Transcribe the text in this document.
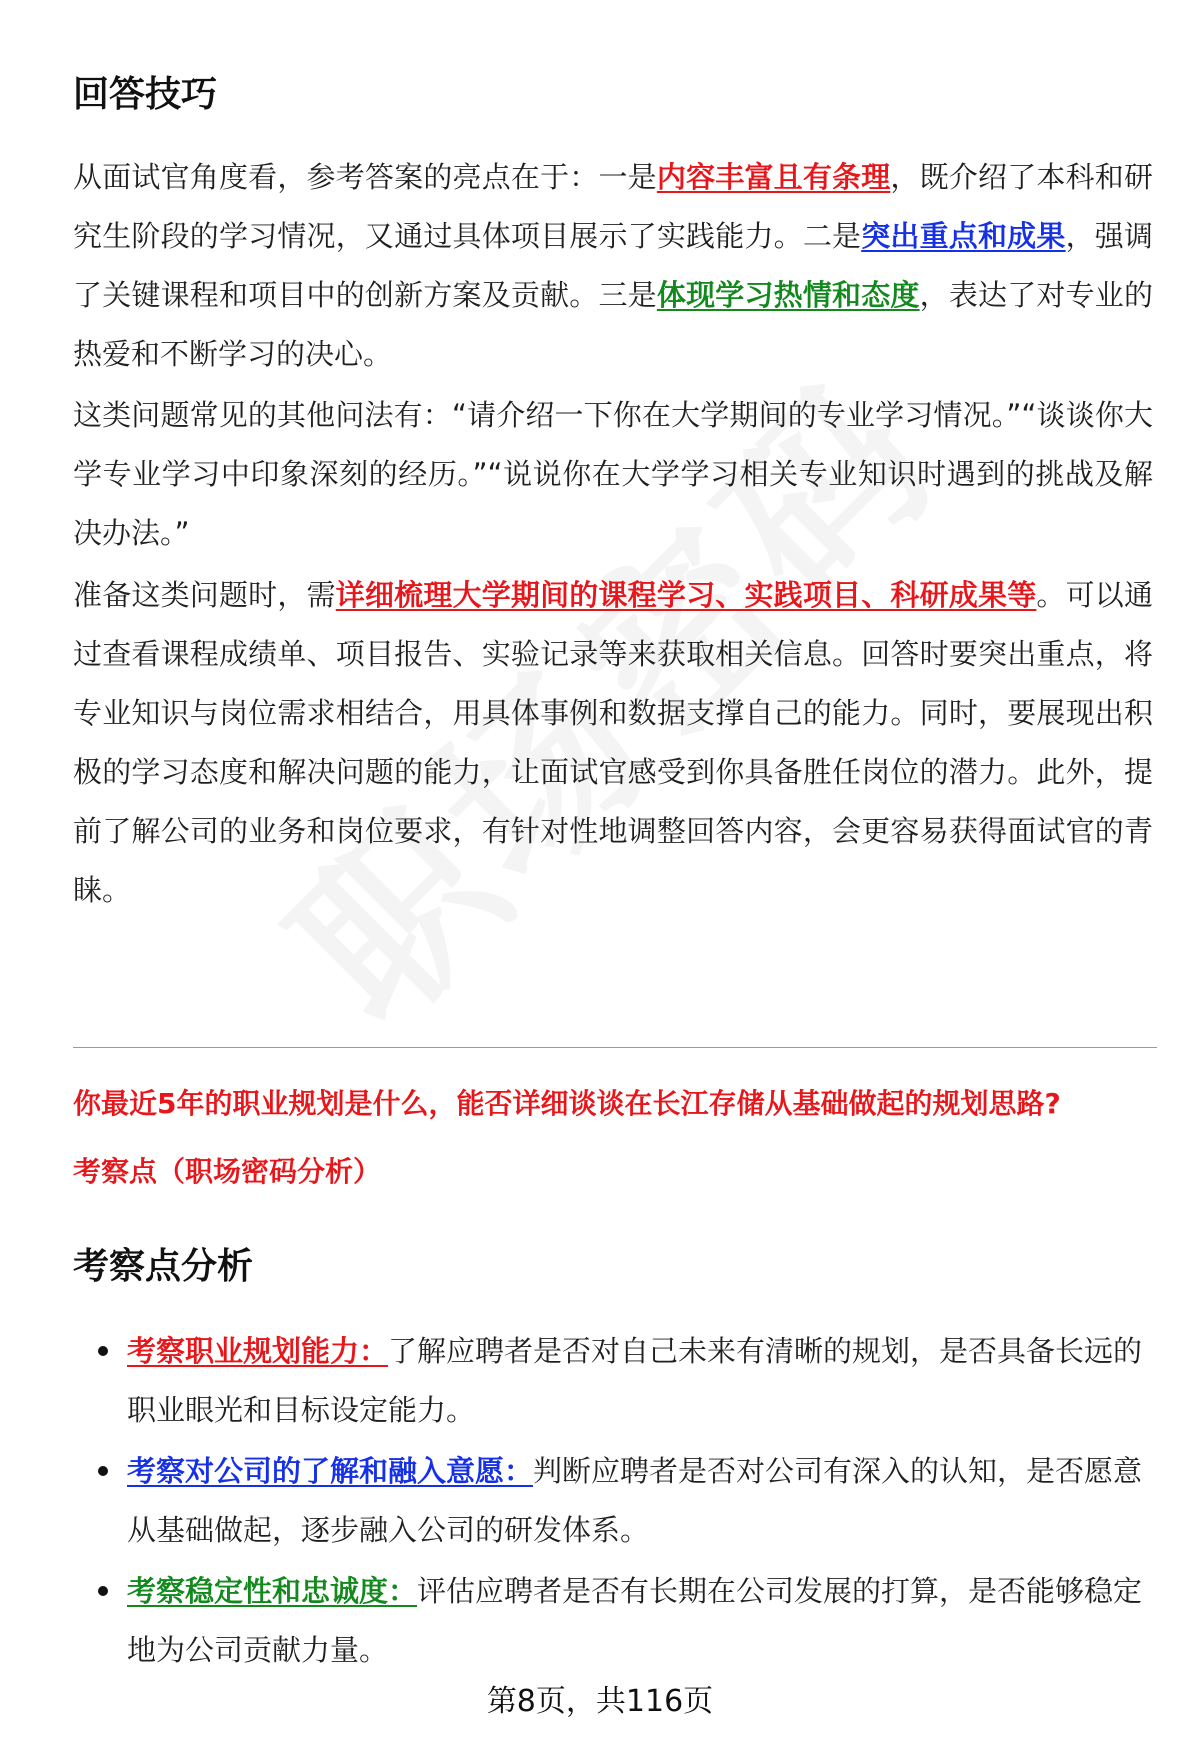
回答技巧
从面试官角度看，参考答案的亮点在于：一是内容丰富且有条理，既介绍了本科和研究生阶段的学习情况，又通过具体项目展示了实践能力。二是突出重点和成果，强调了关键课程和项目中的创新方案及贡献。三是体现学习热情和态度，表达了对专业的热爱和不断学习的决心。
这类问题常见的其他问法有：“请介绍一下你在大学期间的专业学习情况。”“谈谈你大学专业学习中印象深刻的经历。”“说说你在大学学习相关专业知识时遇到的挑战及解决办法。”
准备这类问题时，需详细梳理大学期间的课程学习、实践项目、科研成果等。可以通过查看课程成绩单、项目报告、实验记录等来获取相关信息。回答时要突出重点，将专业知识与岗位需求相结合，用具体事例和数据支撑自己的能力。同时，要展现出积极的学习态度和解决问题的能力，让面试官感受到你具备胜任岗位的潜力。此外，提前了解公司的业务和岗位要求，有针对性地调整回答内容，会更容易获得面试官的青睐。
你最近5年的职业规划是什么，能否详细谈谈在长江存储从基础做起的规划思路?
考察点（职场密码分析）
考察点分析
考察职业规划能力：了解应聘者是否对自己未来有清晰的规划，是否具备长远的职业眼光和目标设定能力。
考察对公司的了解和融入意愿：判断应聘者是否对公司有深入的认知，是否愿意从基础做起，逐步融入公司的研发体系。
考察稳定性和忠诚度：评估应聘者是否有长期在公司发展的打算，是否能够稳定地为公司贡献力量。
第8页，共116页
